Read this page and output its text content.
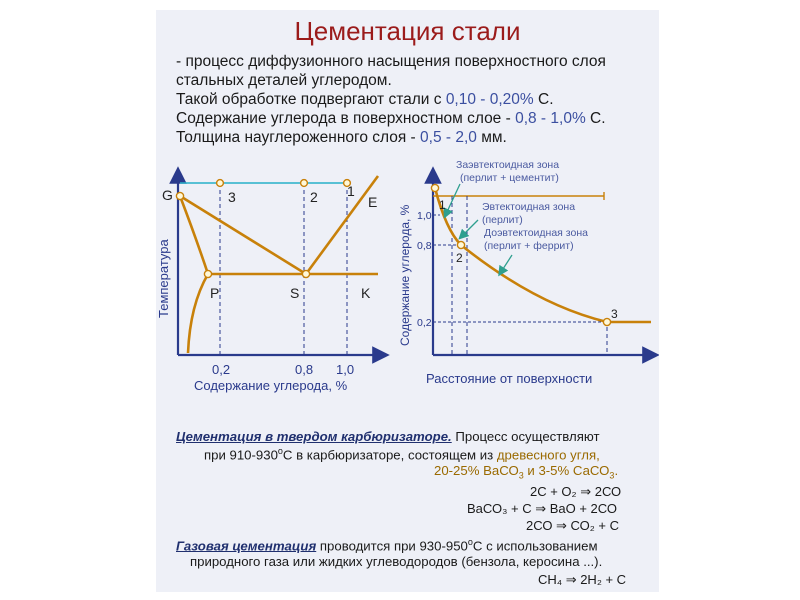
Цементация стали
- процесс диффузионного насыщения поверхностного слоя
стальных деталей углеродом.
Такой обработке подвергают стали с 0,10 - 0,20% С.
Содержание углерода в поверхностном слое - 0,8 - 1,0% С.
Толщина науглероженного слоя - 0,5 - 2,0 мм.
G
P	S	K
E
3	2 1
0,2	0,8 1,0
Содержание углерода, %
Температура	Содержание углерода, % 1,0
0,8
0,2
1
2
3
Заэвтектоидная зона
(перлит + цементит)
Эвтектоидная зона
(перлит)
Доэвтектоидная зона
(перлит + феррит)
Расстояние от поверхности
Цементация в твердом карбюризаторе. Процесс осуществляют
при $910-930^оС$ в карбюризаторе, состоящем из древесного угля,
20-25% ВаСО$_3$ и 3-5% СаСО$_3$.
2С + О₂ ⇒ 2СО
ВаСО₃ + С ⇒ ВаО + 2СО
2СО ⇒ СО₂ + С
Газовая цементация проводится при $930-950^оС$ с использованием
природного газа или жидких углеводородов (бензола, керосина ...).
СН₄ ⇒ 2Н₂ + С
